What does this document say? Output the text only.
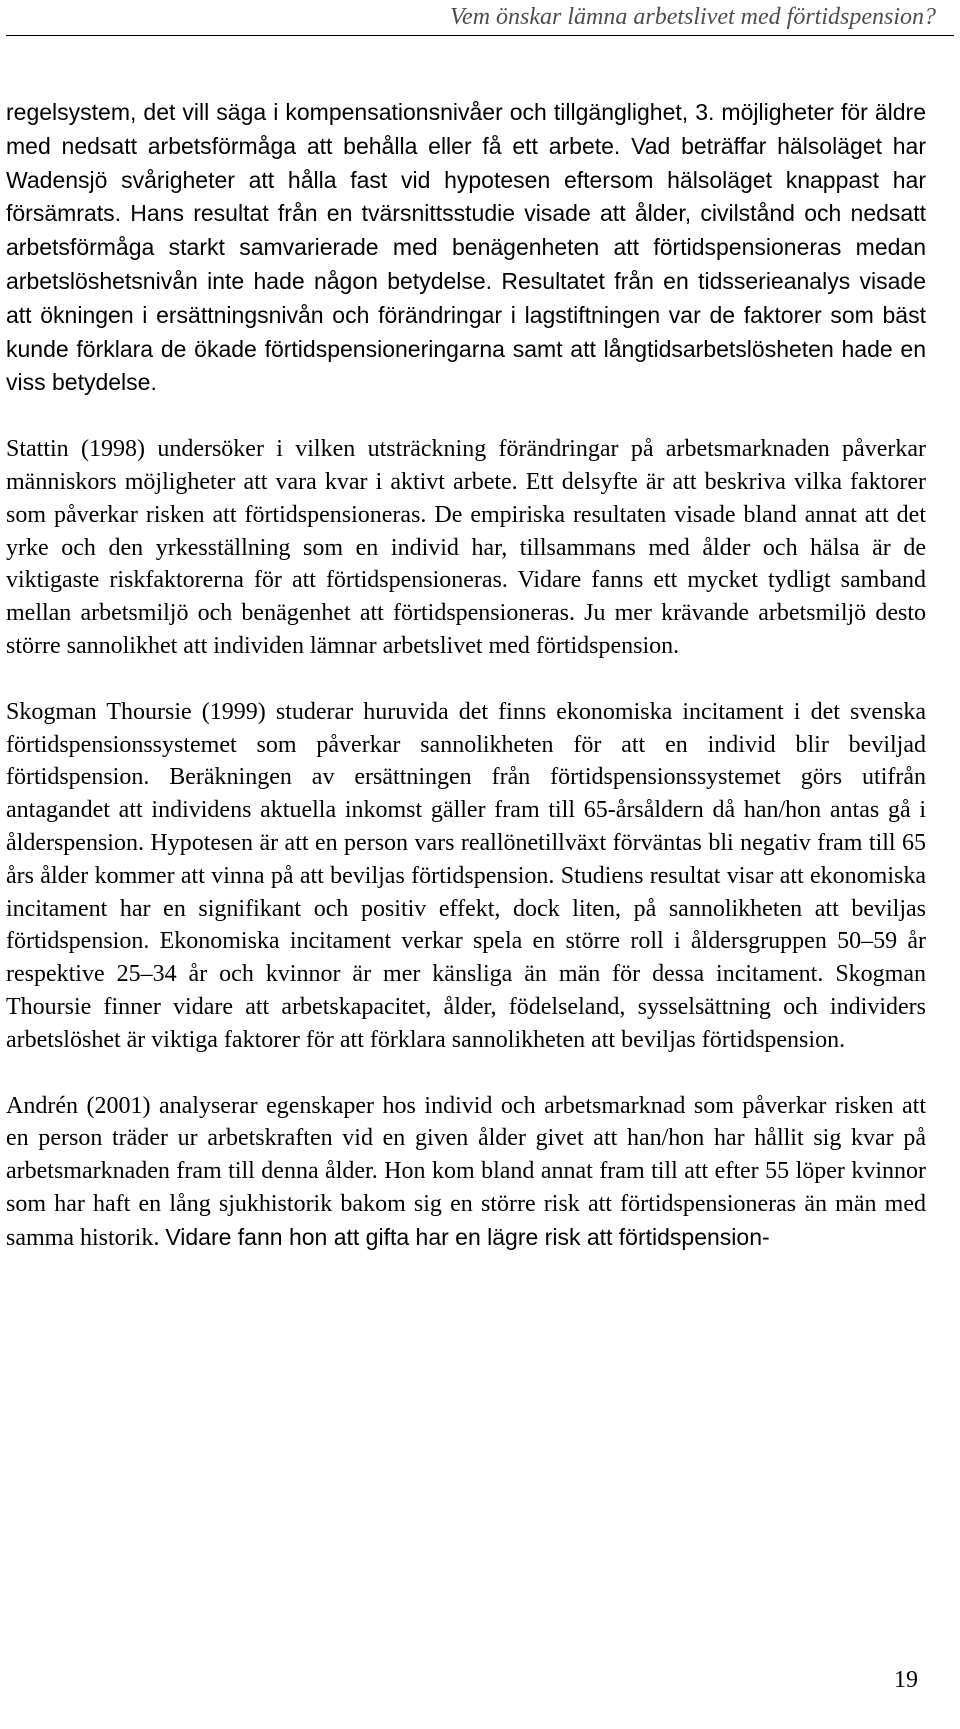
Vem önskar lämna arbetslivet med förtidspension?

regelsystem, det vill säga i kompensationsnivåer och tillgänglighet, 3. möjligheter för äldre med nedsatt arbetsförmåga att behålla eller få ett arbete. Vad beträffar hälsoläget har Wadensjö svårigheter att hålla fast vid hypotesen eftersom hälsoläget knappast har försämrats. Hans resultat från en tvärsnittsstudie visade att ålder, civilstånd och nedsatt arbetsförmåga starkt samvarierade med benägenheten att förtidspensioneras medan arbetslöshetsnivån inte hade någon betydelse. Resultatet från en tidsserieanalys visade att ökningen i ersättningsnivån och förändringar i lagstiftningen var de faktorer som bäst kunde förklara de ökade förtidspensioneringarna samt att långtidsarbetslösheten hade en viss betydelse.

Stattin (1998) undersöker i vilken utsträckning förändringar på arbetsmarknaden påverkar människors möjligheter att vara kvar i aktivt arbete. Ett delsyfte är att beskriva vilka faktorer som påverkar risken att förtidspensioneras. De empiriska resultaten visade bland annat att det yrke och den yrkesställning som en individ har, tillsammans med ålder och hälsa är de viktigaste riskfaktorerna för att förtidspensioneras. Vidare fanns ett mycket tydligt samband mellan arbetsmiljö och benägenhet att förtidspensioneras. Ju mer krävande arbetsmiljö desto större sannolikhet att individen lämnar arbetslivet med förtidspension.

Skogman Thoursie (1999) studerar huruvida det finns ekonomiska incitament i det svenska förtidspensionssystemet som påverkar sannolikheten för att en individ blir beviljad förtidspension. Beräkningen av ersättningen från förtidspensionssystemet görs utifrån antagandet att individens aktuella inkomst gäller fram till 65-årsåldern då han/hon antas gå i ålderspension. Hypotesen är att en person vars reallönetillväxt förväntas bli negativ fram till 65 års ålder kommer att vinna på att beviljas förtidspension. Studiens resultat visar att ekonomiska incitament har en signifikant och positiv effekt, dock liten, på sannolikheten att beviljas förtidspension. Ekonomiska incitament verkar spela en större roll i åldersgruppen 50–59 år respektive 25–34 år och kvinnor är mer känsliga än män för dessa incitament. Skogman Thoursie finner vidare att arbetskapacitet, ålder, födelseland, sysselsättning och individers arbetslöshet är viktiga faktorer för att förklara sannolikheten att beviljas förtidspension.

Andrén (2001) analyserar egenskaper hos individ och arbetsmarknad som påverkar risken att en person träder ur arbetskraften vid en given ålder givet att han/hon har hållit sig kvar på arbetsmarknaden fram till denna ålder. Hon kom bland annat fram till att efter 55 löper kvinnor som har haft en lång sjukhistorik bakom sig en större risk att förtidspensioneras än män med samma historik. Vidare fann hon att gifta har en lägre risk att förtidspension-

19
